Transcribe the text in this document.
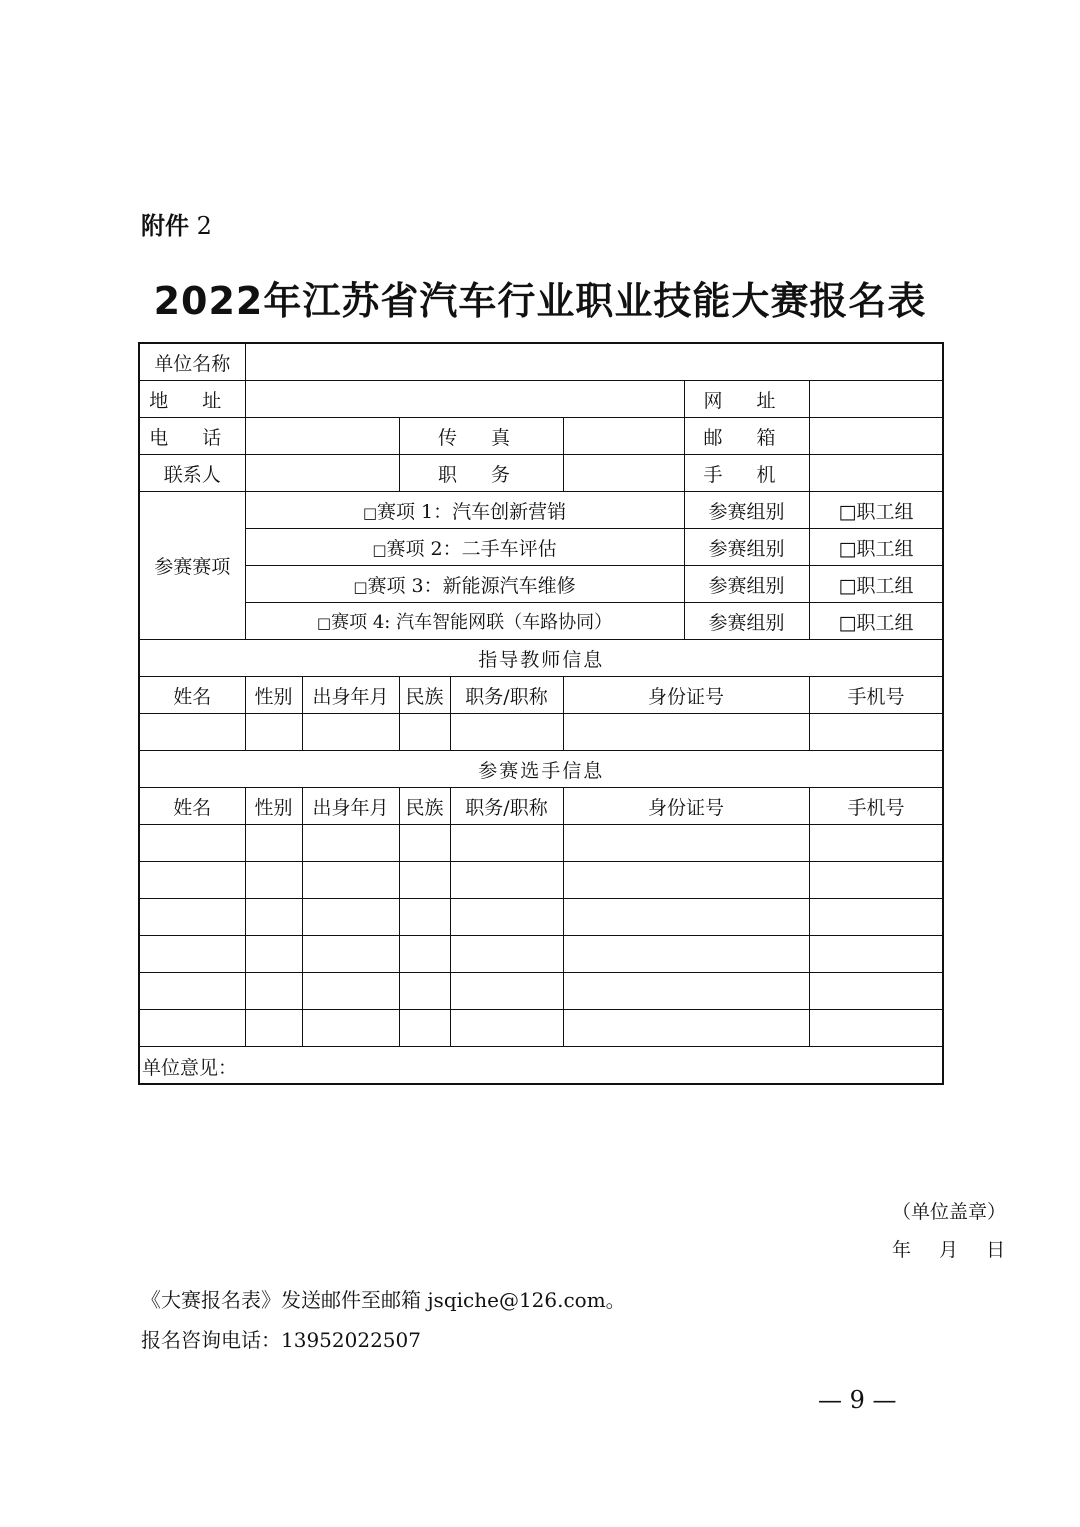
附件 2
2022年江苏省汽车行业职业技能大赛报名表
单位名称								
地 址						网 址		
电 话			传 真			邮 箱		
联系人			职 务			手 机		
参赛赛项	□赛项 1：汽车创新营销					参赛组别	□职工组	
	□赛项 2：二手车评估					参赛组别	□职工组	
	□赛项 3：新能源汽车维修					参赛组别	□职工组	
	□赛项 4: 汽车智能网联（车路协同）					参赛组别	□职工组	
指导教师信息								
姓名	性别	出身年月	民族	职务/职称	身份证号		手机号	

参赛选手信息								
姓名	性别	出身年月	民族	职务/职称	身份证号		手机号	

单位意见：
（单位盖章）
年 月 日								
《大赛报名表》发送邮件至邮箱 jsqiche@126.com。
报名咨询电话：13952022507
— 9 —
